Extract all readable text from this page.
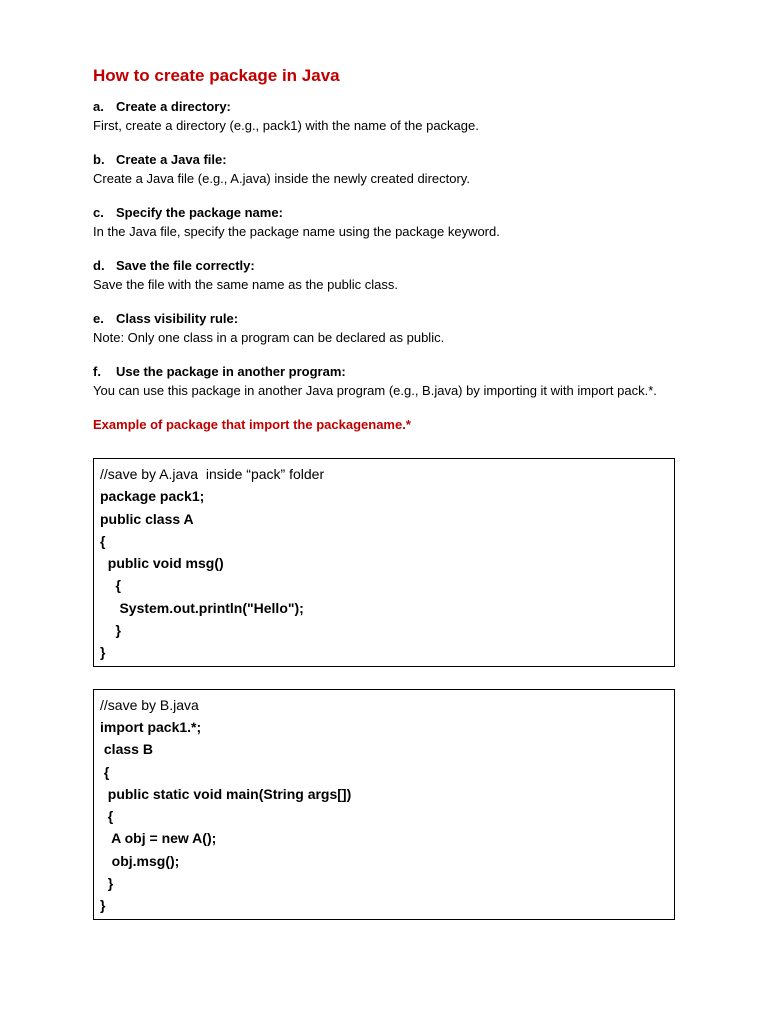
How to create package in Java

a. Create a directory:

First, create a directory (e.g., pack1) with the name of the package.

b. Create a Java file:

Create a Java file (e.g., A.java) inside the newly created directory.

c. Specify the package name:

In the Java file, specify the package name using the package keyword.

d. Save the file correctly:

Save the file with the same name as the public class.

e. Class visibility rule:

Note: Only one class in a program can be declared as public.

f. Use the package in another program:

You can use this package in another Java program (e.g., B.java) by importing it with import pack.*.

Example of package that import the packagename.*

//save by A.java  inside “pack” folder

package pack1;

public class A

{

public void msg()

{

System.out.println("Hello");

}

}

//save by B.java

import pack1.*;

class B

{

public static void main(String args[])

{

A obj = new A();

obj.msg();

}

}
